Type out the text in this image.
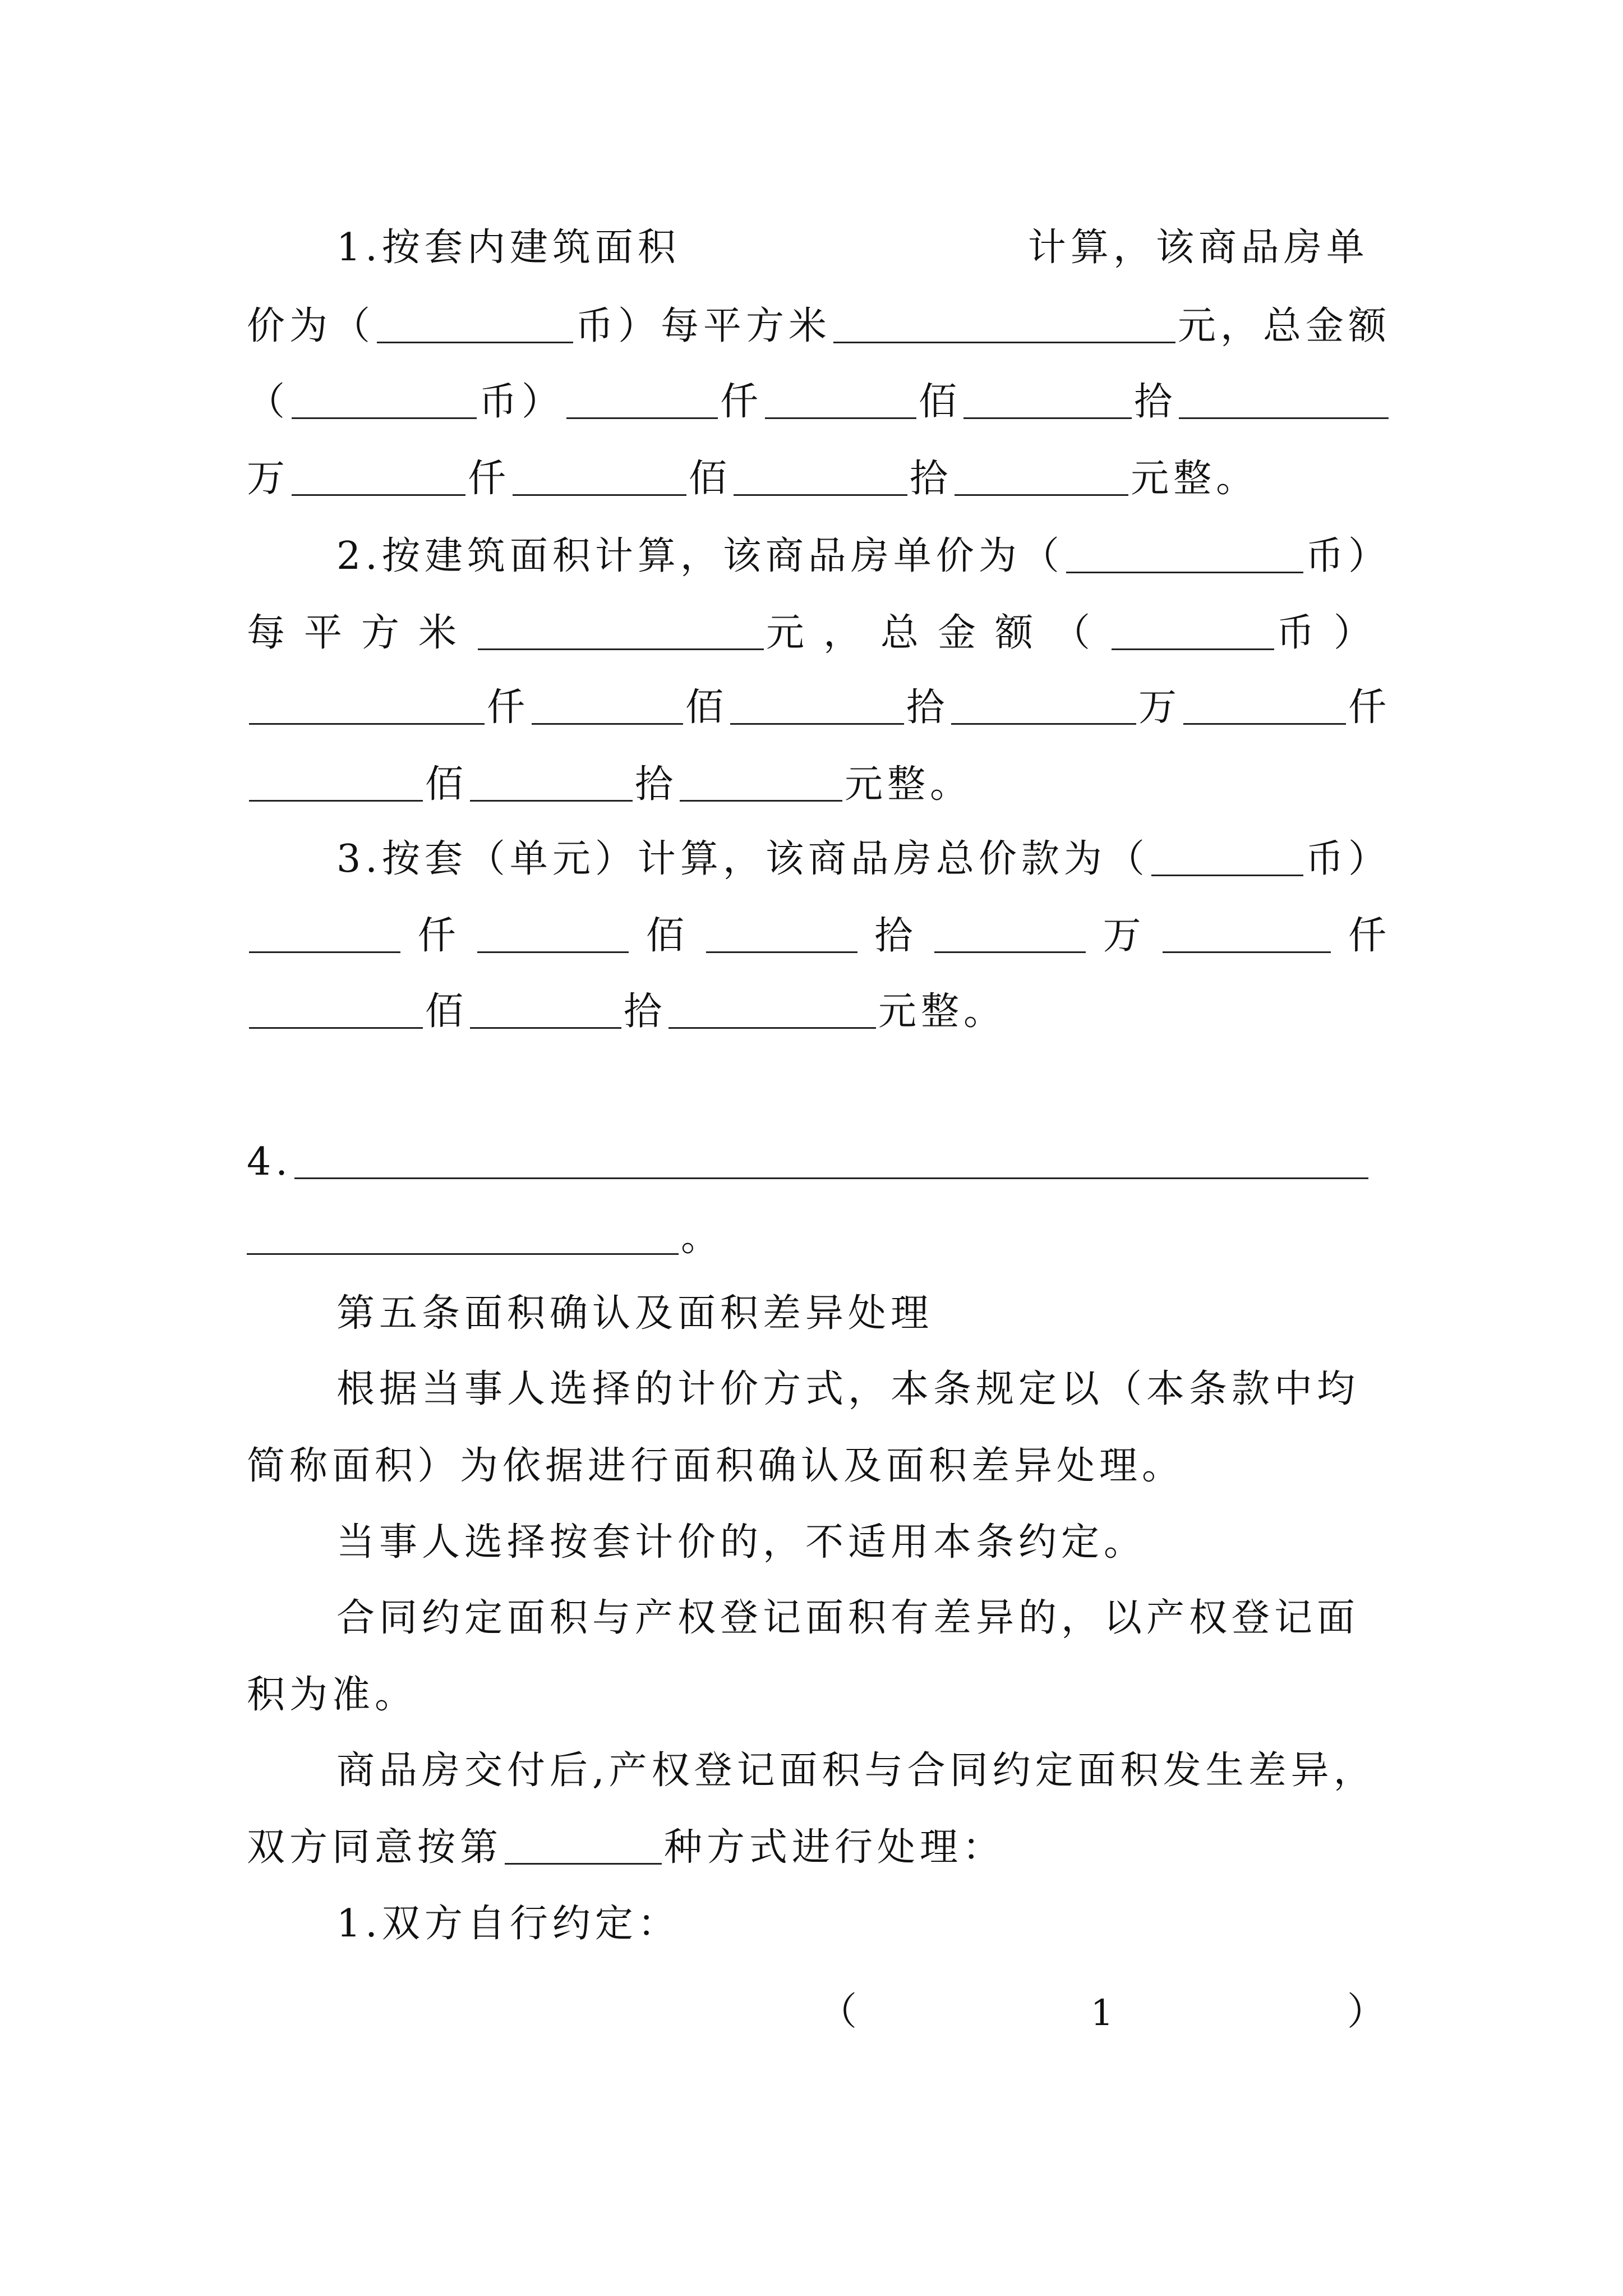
1.按套内建筑面积	计算，该商品房单
价为（	币）每平方米	元，总金额
（	币）	仟	佰	拾
万	仟	佰	拾	元整。
2.按建筑面积计算，该商品房单价为（	币）
每平方米	元，总金额（	币）
仟	佰	拾	万	仟
佰	拾	元整。
3.按套（单元）计算，该商品房总价款为（	币）
仟	佰	拾	万	仟
佰	拾	元整。
4.
。
第五条面积确认及面积差异处理
根据当事人选择的计价方式，本条规定以（本条款中均
简称面积）为依据进行面积确认及面积差异处理。
当事人选择按套计价的，不适用本条约定。
合同约定面积与产权登记面积有差异的，以产权登记面
积为准。
商品房交付后,产权登记面积与合同约定面积发生差异，
双方同意按第	种方式进行处理：
1.双方自行约定：
（	1	）
